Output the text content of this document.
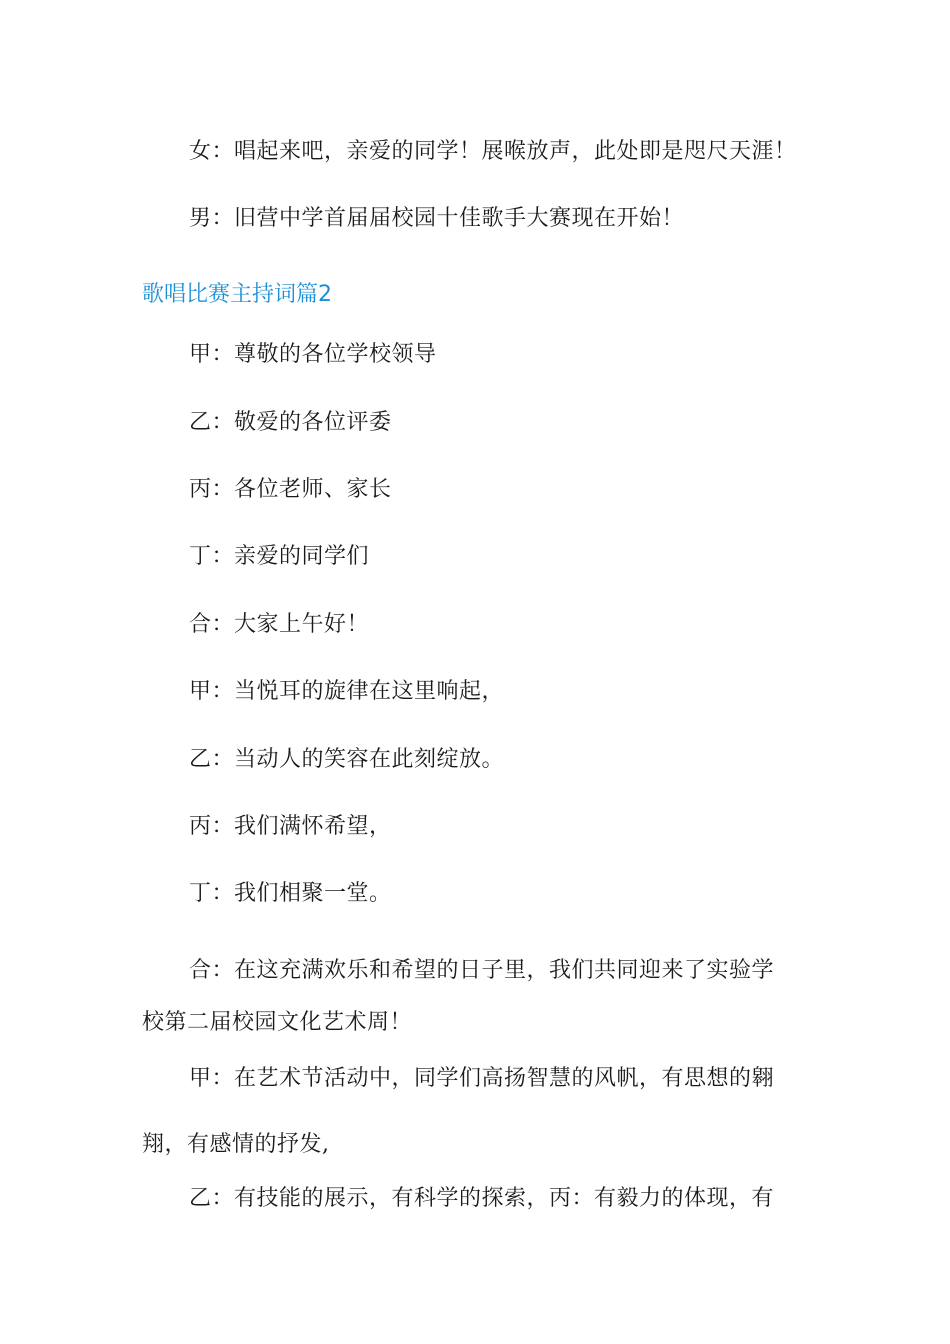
女：唱起来吧，亲爱的同学！展喉放声，此处即是咫尺天涯！
男：旧营中学首届届校园十佳歌手大赛现在开始！
歌唱比赛主持词篇2
甲：尊敬的各位学校领导
乙：敬爱的各位评委
丙：各位老师、家长
丁：亲爱的同学们
合：大家上午好！
甲：当悦耳的旋律在这里响起，
乙：当动人的笑容在此刻绽放。
丙：我们满怀希望，
丁：我们相聚一堂。
合：在这充满欢乐和希望的日子里，我们共同迎来了实验学
校第二届校园文化艺术周！
甲：在艺术节活动中，同学们高扬智慧的风帆，有思想的翱
翔，有感情的抒发,
乙：有技能的展示，有科学的探索，丙：有毅力的体现，有
